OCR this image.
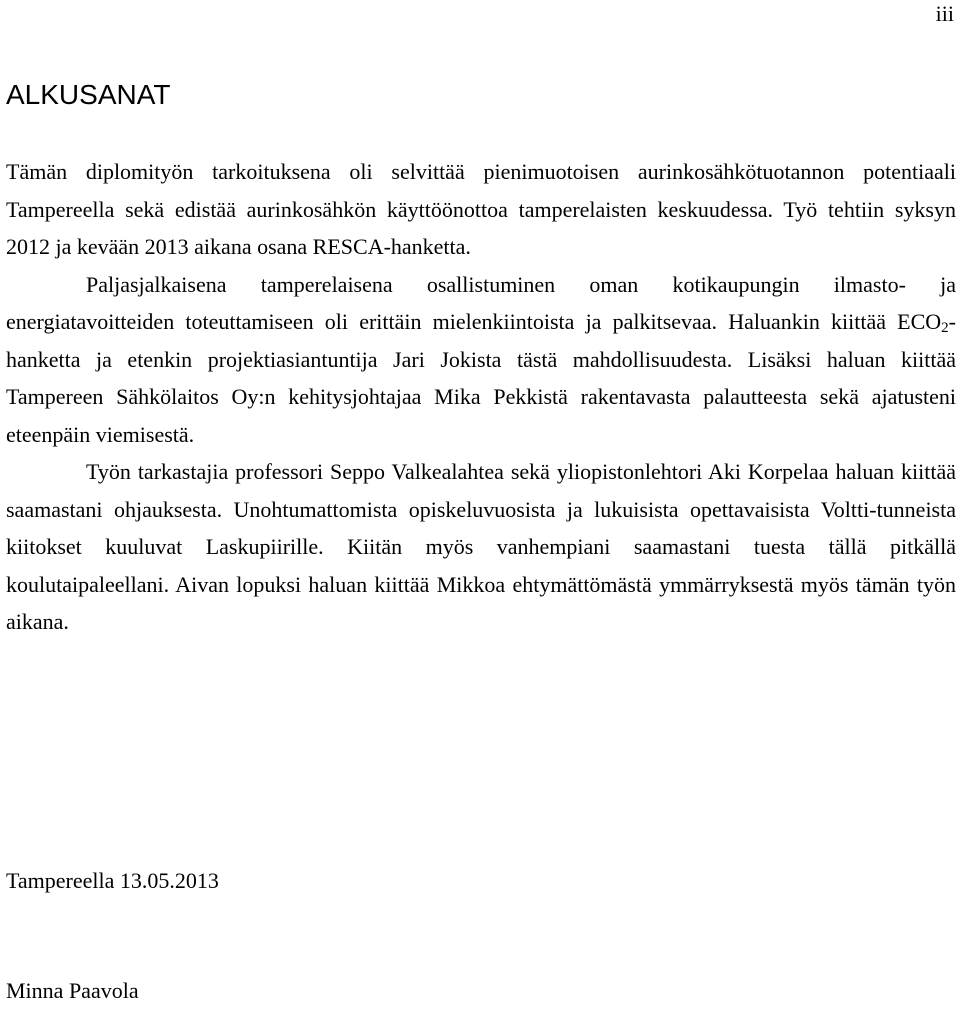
iii
ALKUSANAT

Tämän diplomityön tarkoituksena oli selvittää pienimuotoisen aurinkosähkötuotannon potentiaali Tampereella sekä edistää aurinkosähkön käyttöönottoa tamperelaisten keskuudessa. Työ tehtiin syksyn 2012 ja kevään 2013 aikana osana RESCA-hanketta.

Paljasjalkaisena tamperelaisena osallistuminen oman kotikaupungin ilmasto- ja energiatavoitteiden toteuttamiseen oli erittäin mielenkiintoista ja palkitsevaa. Haluankin kiittää $ECO_2$-hanketta ja etenkin projektiasiantuntija Jari Jokista tästä mahdollisuudesta. Lisäksi haluan kiittää Tampereen Sähkölaitos Oy:n kehitysjohtajaa Mika Pekkistä rakentavasta palautteesta sekä ajatusteni eteenpäin viemisestä.

Työn tarkastajia professori Seppo Valkealahtea sekä yliopistonlehtori Aki Korpelaa haluan kiittää saamastani ohjauksesta. Unohtumattomista opiskeluvuosista ja lukuisista opettavaisista Voltti-tunneista kiitokset kuuluvat Laskupiirille. Kiitän myös vanhempiani saamastani tuesta tällä pitkällä koulutaipaleellani. Aivan lopuksi haluan kiittää Mikkoa ehtymättömästä ymmärryksestä myös tämän työn aikana.

Tampereella 13.05.2013
Minna Paavola
